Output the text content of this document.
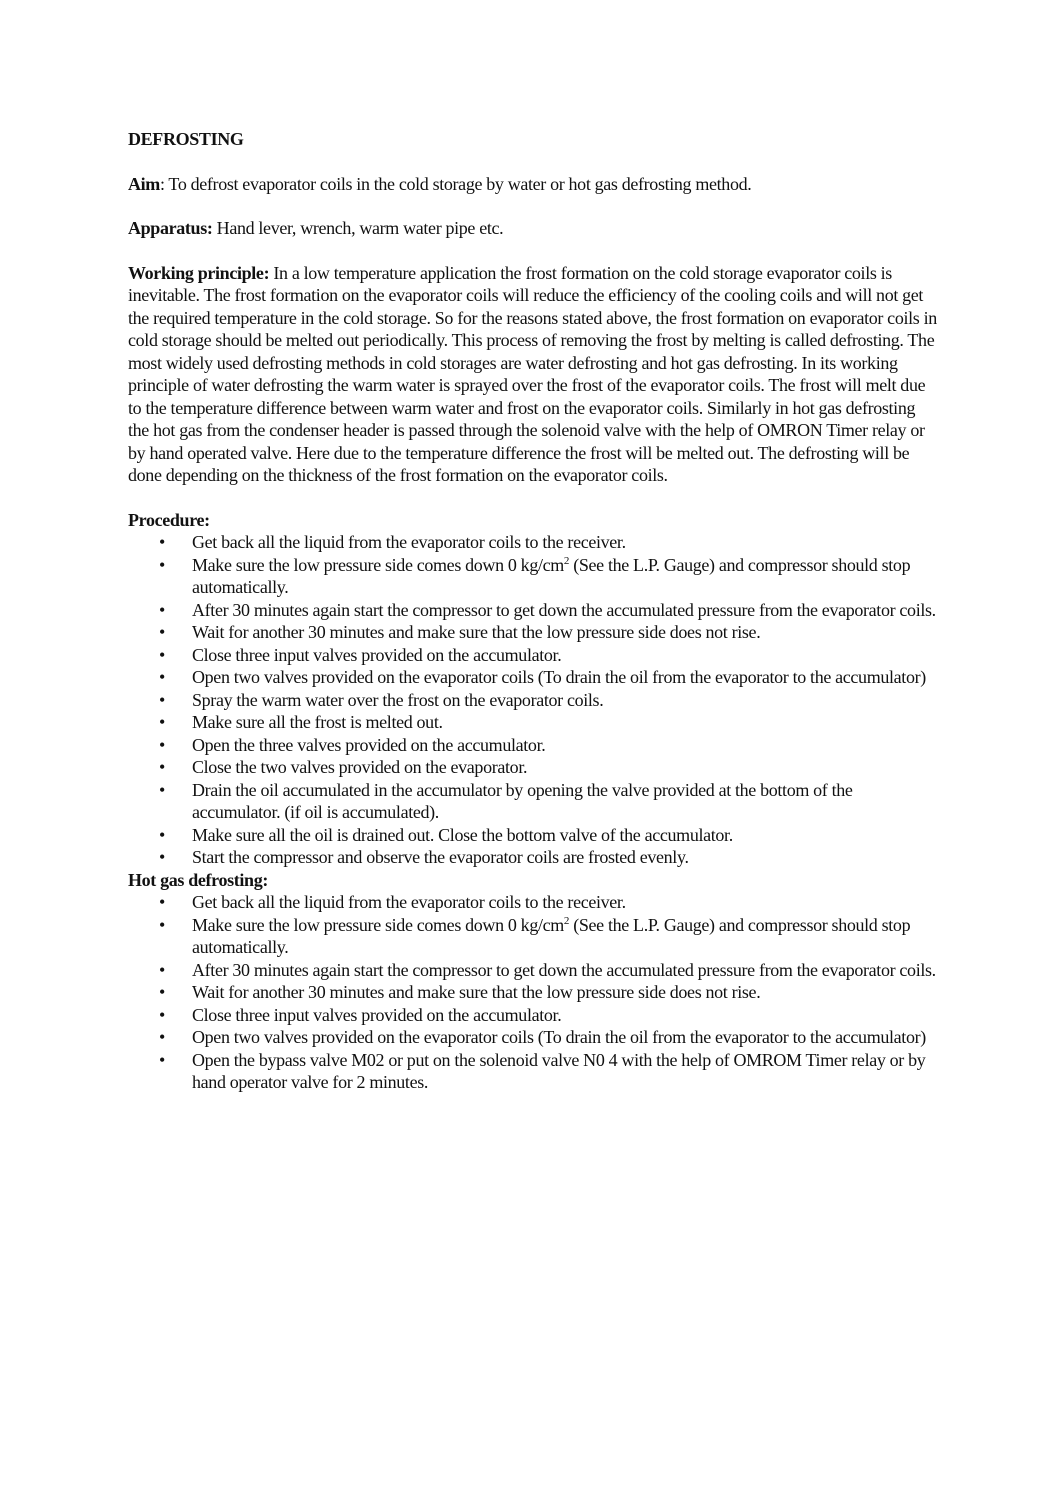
DEFROSTING

Aim: To defrost evaporator coils in the cold storage by water or hot gas defrosting method.

Apparatus: Hand lever, wrench, warm water pipe etc.

Working principle: In a low temperature application the frost formation on the cold storage evaporator coils is inevitable. The frost formation on the evaporator coils will reduce the efficiency of the cooling coils and will not get the required temperature in the cold storage. So for the reasons stated above, the frost formation on evaporator coils in cold storage should be melted out periodically. This process of removing the frost by melting is called defrosting. The most widely used defrosting methods in cold storages are water defrosting and hot gas defrosting. In its working principle of water defrosting the warm water is sprayed over the frost of the evaporator coils. The frost will melt due to the temperature difference between warm water and frost on the evaporator coils. Similarly in hot gas defrosting the hot gas from the condenser header is passed through the solenoid valve with the help of OMRON Timer relay or by hand operated valve. Here due to the temperature difference the frost will be melted out. The defrosting will be done depending on the thickness of the frost formation on the evaporator coils.

Procedure:
• Get back all the liquid from the evaporator coils to the receiver.
• Make sure the low pressure side comes down 0 $kg/cm^2$ (See the L.P. Gauge) and compressor should stop automatically.
• After 30 minutes again start the compressor to get down the accumulated pressure from the evaporator coils.
• Wait for another 30 minutes and make sure that the low pressure side does not rise.
• Close three input valves provided on the accumulator.
• Open two valves provided on the evaporator coils (To drain the oil from the evaporator to the accumulator)
• Spray the warm water over the frost on the evaporator coils.
• Make sure all the frost is melted out.
• Open the three valves provided on the accumulator.
• Close the two valves provided on the evaporator.
• Drain the oil accumulated in the accumulator by opening the valve provided at the bottom of the accumulator. (if oil is accumulated).
• Make sure all the oil is drained out. Close the bottom valve of the accumulator.
• Start the compressor and observe the evaporator coils are frosted evenly.
Hot gas defrosting:
• Get back all the liquid from the evaporator coils to the receiver.
• Make sure the low pressure side comes down 0 $kg/cm^2$ (See the L.P. Gauge) and compressor should stop automatically.
• After 30 minutes again start the compressor to get down the accumulated pressure from the evaporator coils.
• Wait for another 30 minutes and make sure that the low pressure side does not rise.
• Close three input valves provided on the accumulator.
• Open two valves provided on the evaporator coils (To drain the oil from the evaporator to the accumulator)
• Open the bypass valve M02 or put on the solenoid valve N0 4 with the help of OMROM Timer relay or by hand operator valve for 2 minutes.
